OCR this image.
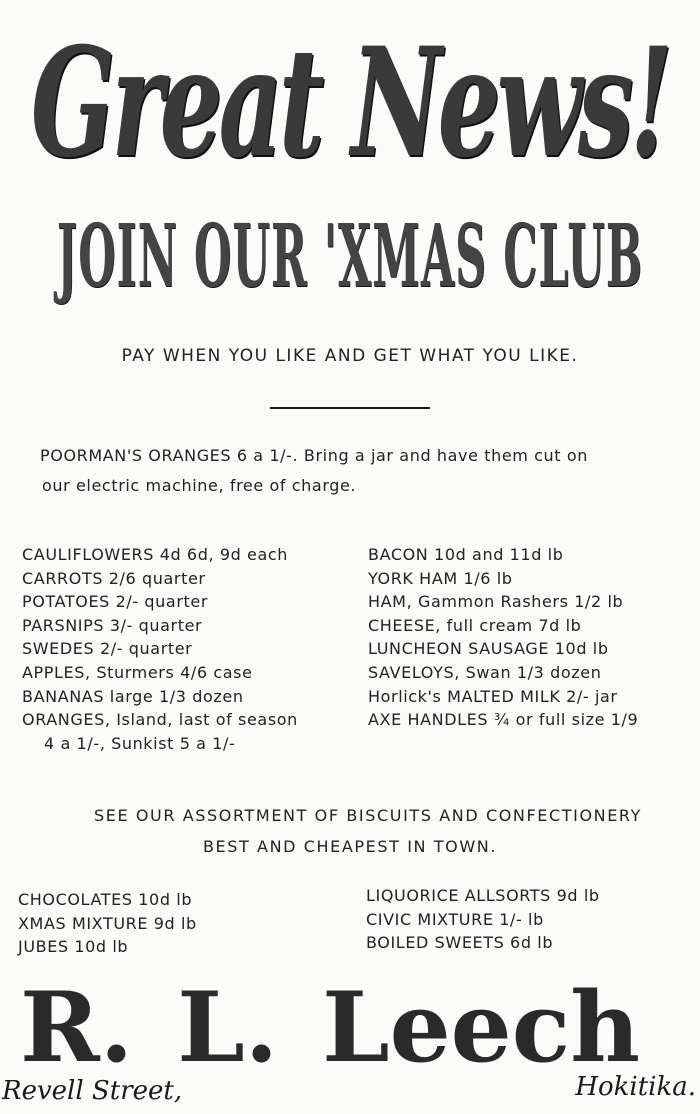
Great News!
JOIN OUR 'XMAS CLUB
PAY WHEN YOU LIKE AND GET WHAT YOU LIKE.
POORMAN'S ORANGES 6 a 1/-. Bring a jar and have them cut on
our electric machine, free of charge.
CAULIFLOWERS 4d 6d, 9d each
CARROTS 2/6 quarter
POTATOES 2/- quarter
PARSNIPS 3/- quarter
SWEDES 2/- quarter
APPLES, Sturmers 4/6 case
BANANAS large 1/3 dozen
ORANGES, Island, last of season
4 a 1/-, Sunkist 5 a 1/-
BACON 10d and 11d lb
YORK HAM 1/6 lb
HAM, Gammon Rashers 1/2 lb
CHEESE, full cream 7d lb
LUNCHEON SAUSAGE 10d lb
SAVELOYS, Swan 1/3 dozen
Horlick's MALTED MILK 2/- jar
AXE HANDLES ¾ or full size 1/9
SEE OUR ASSORTMENT OF BISCUITS AND CONFECTIONERY
BEST AND CHEAPEST IN TOWN.
CHOCOLATES 10d lb
XMAS MIXTURE 9d lb
JUBES 10d lb
LIQUORICE ALLSORTS 9d lb
CIVIC MIXTURE 1/- lb
BOILED SWEETS 6d lb
R. L. Leech
Revell Street,	Hokitika.
